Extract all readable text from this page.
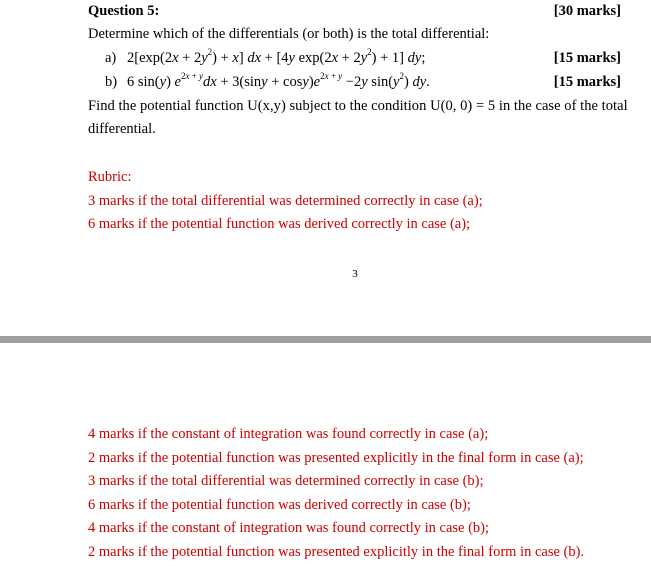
Question 5:	[30 marks]
Determine which of the differentials (or both) is the total differential:
a) $2[\exp(2x + 2y^2) + x]$ dx + [4y $\exp(2x + 2y^2) + 1$] dy;	[15 marks]
b) 6 sin(y) $e^{2x + y}dx + 3(\sin y + \cos y)e^{2x + y} -2y$ $\sin(y^2)$ dy.	[15 marks]
Find the potential function U(x,y) subject to the condition U(0, 0) = 5 in the case of the total
differential.
Rubric:
3 marks if the total differential was determined correctly in case (a);
6 marks if the potential function was derived correctly in case (a);
3
4 marks if the constant of integration was found correctly in case (a);
2 marks if the potential function was presented explicitly in the final form in case (a);
3 marks if the total differential was determined correctly in case (b);
6 marks if the potential function was derived correctly in case (b);
4 marks if the constant of integration was found correctly in case (b);
2 marks if the potential function was presented explicitly in the final form in case (b).
